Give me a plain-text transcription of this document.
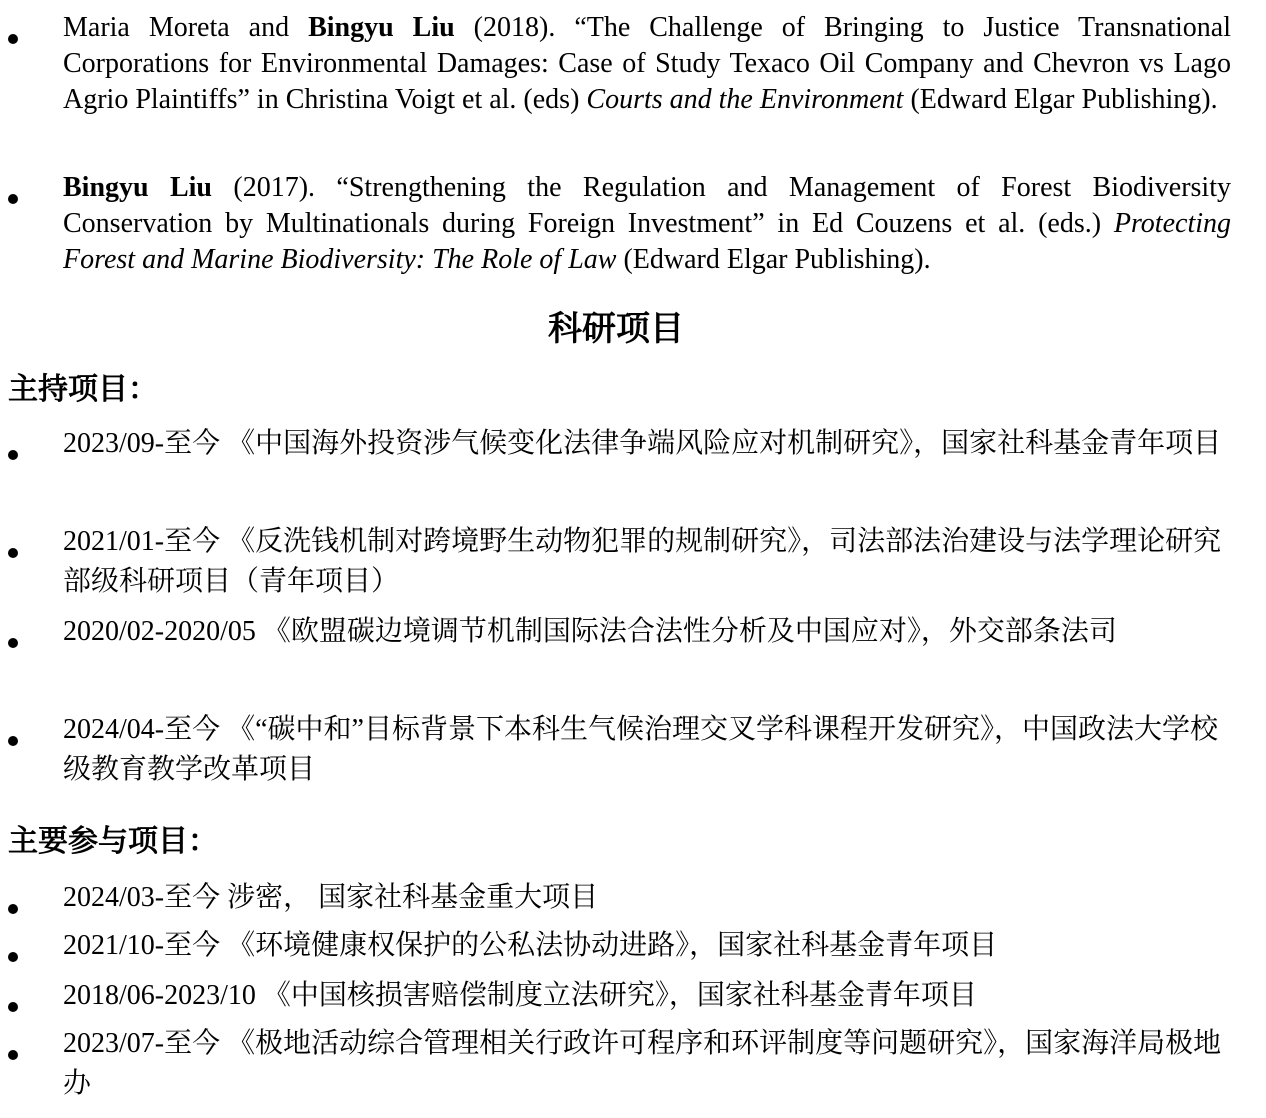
Maria Moreta and Bingyu Liu (2018). “The Challenge of Bringing to Justice Transnational Corporations for Environmental Damages: Case of Study Texaco Oil Company and Chevron vs Lago Agrio Plaintiffs” in Christina Voigt et al. (eds) Courts and the Environment (Edward Elgar Publishing).
Bingyu Liu (2017). “Strengthening the Regulation and Management of Forest Biodiversity Conservation by Multinationals during Foreign Investment” in Ed Couzens et al. (eds.) Protecting Forest and Marine Biodiversity: The Role of Law (Edward Elgar Publishing).
科研项目
主持项目：
2023/09-至今 《中国海外投资涉气候变化法律争端风险应对机制研究》，国家社科基金青年项目
2021/01-至今 《反洗钱机制对跨境野生动物犯罪的规制研究》，司法部法治建设与法学理论研究部级科研项目（青年项目）
2020/02-2020/05 《欧盟碳边境调节机制国际法合法性分析及中国应对》，外交部条法司
2024/04-至今 《“碳中和”目标背景下本科生气候治理交叉学科课程开发研究》，中国政法大学校级教育教学改革项目
主要参与项目：
2024/03-至今 涉密， 国家社科基金重大项目
2021/10-至今 《环境健康权保护的公私法协动进路》，国家社科基金青年项目
2018/06-2023/10 《中国核损害赔偿制度立法研究》，国家社科基金青年项目
2023/07-至今 《极地活动综合管理相关行政许可程序和环评制度等问题研究》，国家海洋局极地办
